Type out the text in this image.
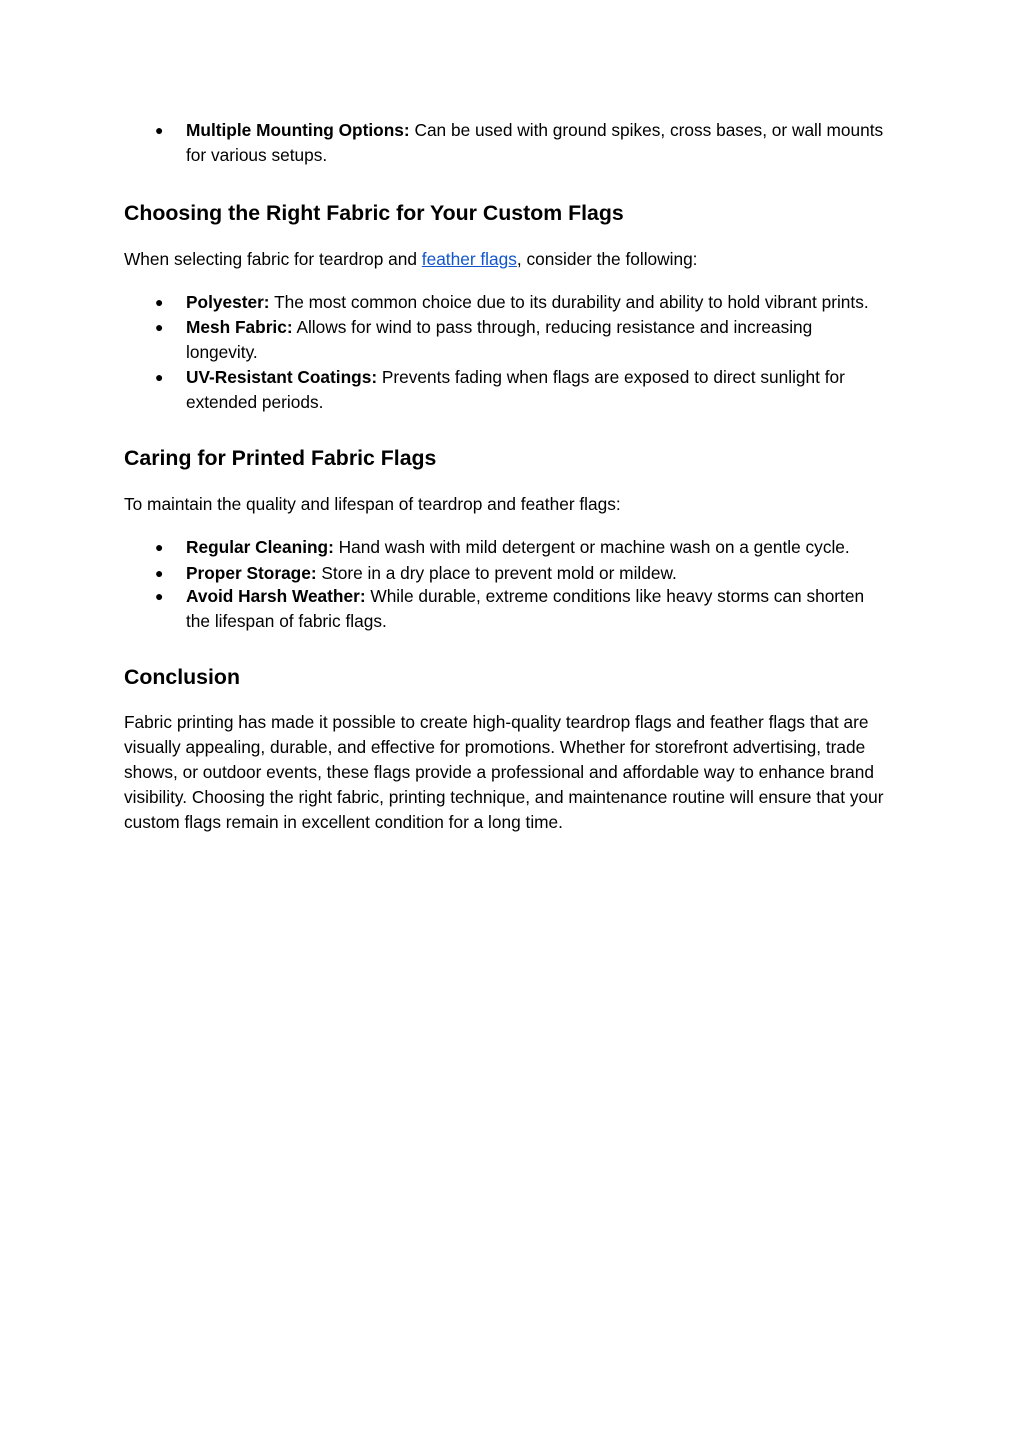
● Multiple Mounting Options: Can be used with ground spikes, cross bases, or wall mounts for various setups.
Choosing the Right Fabric for Your Custom Flags

When selecting fabric for teardrop and feather flags, consider the following:

● Polyester: The most common choice due to its durability and ability to hold vibrant prints.
● Mesh Fabric: Allows for wind to pass through, reducing resistance and increasing longevity.
● UV-Resistant Coatings: Prevents fading when flags are exposed to direct sunlight for extended periods.
Caring for Printed Fabric Flags

To maintain the quality and lifespan of teardrop and feather flags:

● Regular Cleaning: Hand wash with mild detergent or machine wash on a gentle cycle.
● Proper Storage: Store in a dry place to prevent mold or mildew.
● Avoid Harsh Weather: While durable, extreme conditions like heavy storms can shorten the lifespan of fabric flags.
Conclusion

Fabric printing has made it possible to create high-quality teardrop flags and feather flags that are visually appealing, durable, and effective for promotions. Whether for storefront advertising, trade shows, or outdoor events, these flags provide a professional and affordable way to enhance brand visibility. Choosing the right fabric, printing technique, and maintenance routine will ensure that your custom flags remain in excellent condition for a long time.
